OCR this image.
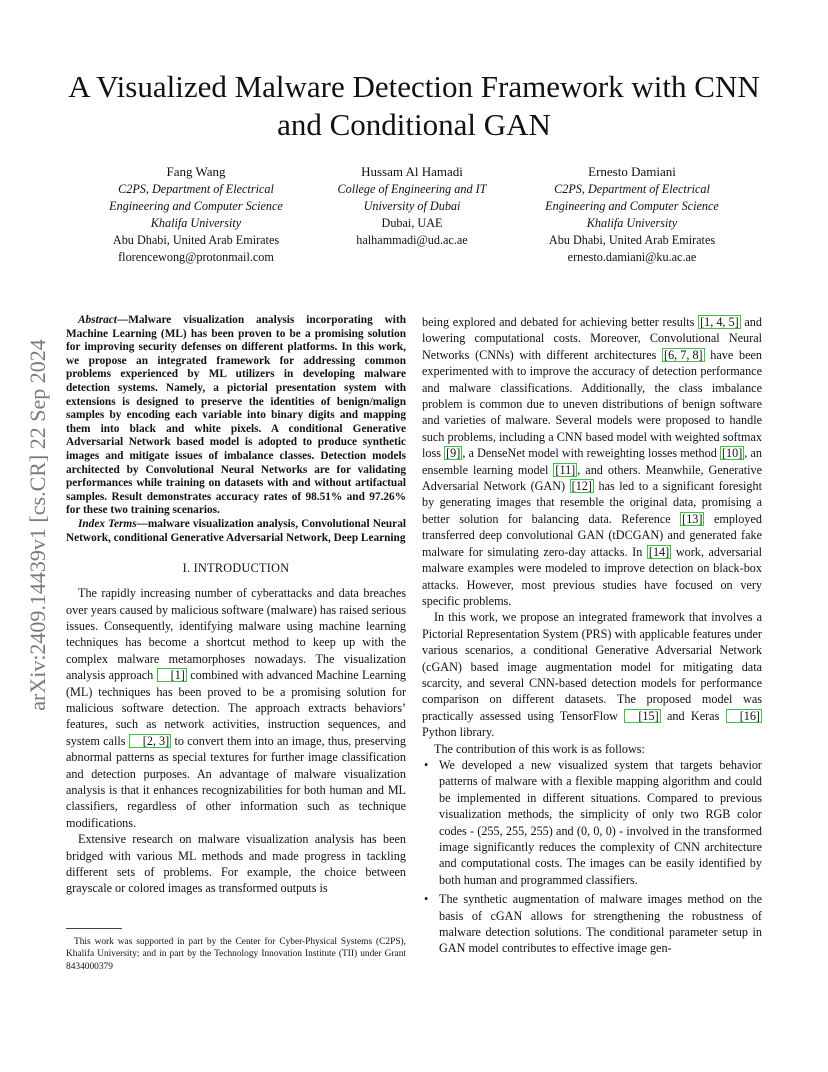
A Visualized Malware Detection Framework with CNN and Conditional GAN
Fang Wang
C2PS, Department of Electrical
Engineering and Computer Science
Khalifa University
Abu Dhabi, United Arab Emirates
florencewong@protonmail.com
Hussam Al Hamadi
College of Engineering and IT
University of Dubai
Dubai, UAE
halhammadi@ud.ac.ae
Ernesto Damiani
C2PS, Department of Electrical
Engineering and Computer Science
Khalifa University
Abu Dhabi, United Arab Emirates
ernesto.damiani@ku.ac.ae
arXiv:2409.14439v1 [cs.CR] 22 Sep 2024

Abstract—Malware visualization analysis incorporating with Machine Learning (ML) has been proven to be a promising solution for improving security defenses on different platforms. In this work, we propose an integrated framework for addressing common problems experienced by ML utilizers in developing malware detection systems. Namely, a pictorial presentation system with extensions is designed to preserve the identities of benign/malign samples by encoding each variable into binary digits and mapping them into black and white pixels. A conditional Generative Adversarial Network based model is adopted to produce synthetic images and mitigate issues of imbalance classes. Detection models architected by Convolutional Neural Networks are for validating performances while training on datasets with and without artifactual samples. Result demonstrates accuracy rates of 98.51% and 97.26% for these two training scenarios.

Index Terms—malware visualization analysis, Convolutional Neural Network, conditional Generative Adversarial Network, Deep Learning

I. INTRODUCTION

The rapidly increasing number of cyberattacks and data breaches over years caused by malicious software (malware) has raised serious issues. Consequently, identifying malware using machine learning techniques has become a shortcut method to keep up with the complex malware metamorphoses nowadays. The visualization analysis approach [1] combined with advanced Machine Learning (ML) techniques has been proved to be a promising solution for malicious software detection. The approach extracts behaviors’ features, such as network activities, instruction sequences, and system calls [2, 3] to convert them into an image, thus, preserving abnormal patterns as special textures for further image classification and detection purposes. An advantage of malware visualization analysis is that it enhances recognizabilities for both human and ML classifiers, regardless of other information such as technique modifications.

Extensive research on malware visualization analysis has been bridged with various ML methods and made progress in tackling different sets of problems. For example, the choice between grayscale or colored images as transformed outputs is

being explored and debated for achieving better results [1, 4, 5] and lowering computational costs. Moreover, Convolutional Neural Networks (CNNs) with different architectures [6, 7, 8] have been experimented with to improve the accuracy of detection performance and malware classifications. Additionally, the class imbalance problem is common due to uneven distributions of benign software and varieties of malware. Several models were proposed to handle such problems, including a CNN based model with weighted softmax loss [9] , a DenseNet model with reweighting losses method [10] , an ensemble learning model [11] , and others. Meanwhile, Generative Adversarial Network (GAN) [12] has led to a significant foresight by generating images that resemble the original data, promising a better solution for balancing data. Reference [13] employed transferred deep convolutional GAN (tDCGAN) and generated fake malware for simulating zero-day attacks. In [14] work, adversarial malware examples were modeled to improve detection on black-box attacks. However, most previous studies have focused on very specific problems.

In this work, we propose an integrated framework that involves a Pictorial Representation System (PRS) with applicable features under various scenarios, a conditional Generative Adversarial Network (cGAN) based image augmentation model for mitigating data scarcity, and several CNN-based detection models for performance comparison on different datasets. The proposed model was practically assessed using TensorFlow [15] and Keras [16] Python library.

The contribution of this work is as follows:

• We developed a new visualized system that targets behavior patterns of malware with a flexible mapping algorithm and could be implemented in different situations. Compared to previous visualization methods, the simplicity of only two RGB color codes - (255, 255, 255) and (0, 0, 0) - involved in the transformed image significantly reduces the complexity of CNN architecture and computational costs. The images can be easily identified by both human and programmed classifiers.
• The synthetic augmentation of malware images method on the basis of cGAN allows for strengthening the robustness of malware detection solutions. The conditional parameter setup in GAN model contributes to effective image gen-

This work was supported in part by the Center for Cyber-Physical Systems (C2PS), Khalifa University; and in part by the Technology Innovation Institute (TII) under Grant 8434000379
